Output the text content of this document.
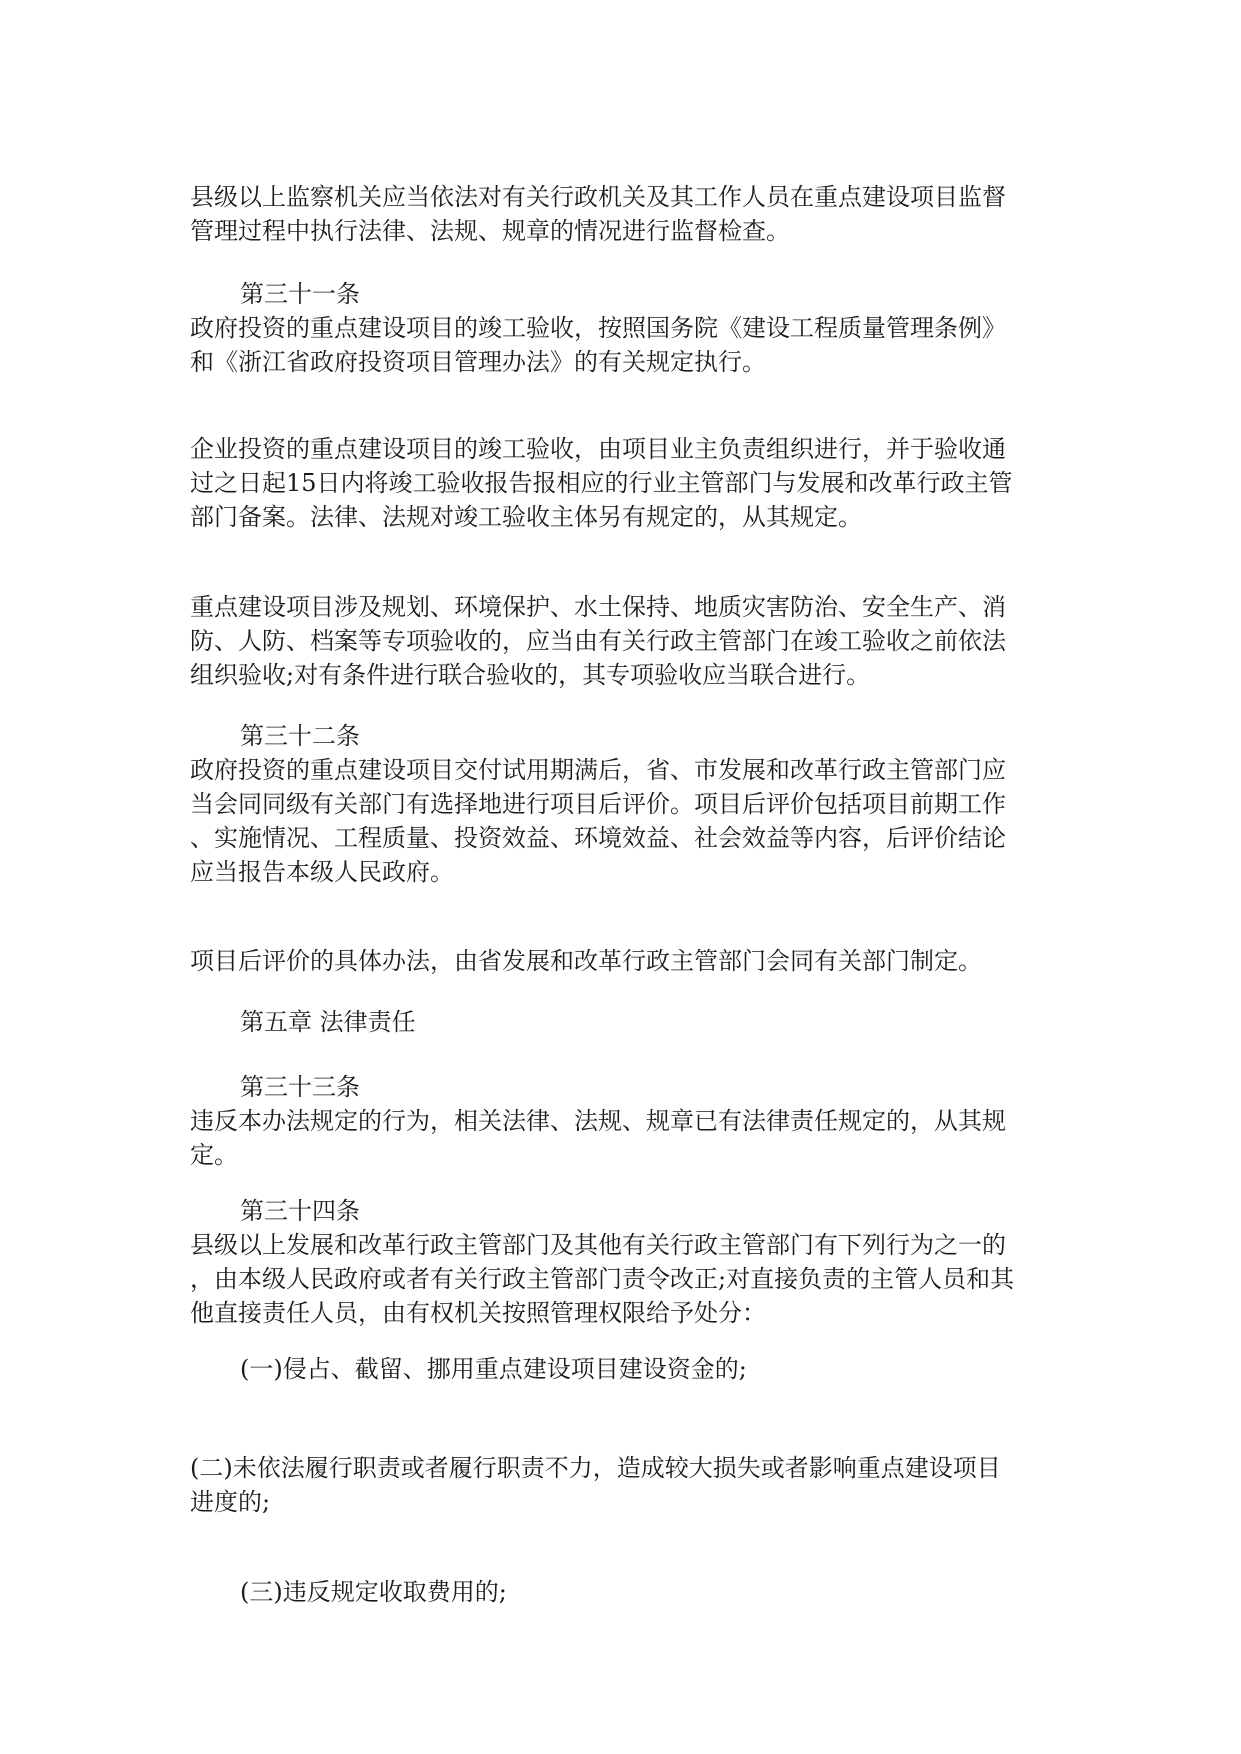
县级以上监察机关应当依法对有关行政机关及其工作人员在重点建设项目监督
管理过程中执行法律、法规、规章的情况进行监督检查。

第三十一条

政府投资的重点建设项目的竣工验收，按照国务院《建设工程质量管理条例》
和《浙江省政府投资项目管理办法》的有关规定执行。

企业投资的重点建设项目的竣工验收，由项目业主负责组织进行，并于验收通
过之日起15日内将竣工验收报告报相应的行业主管部门与发展和改革行政主管
部门备案。法律、法规对竣工验收主体另有规定的，从其规定。

重点建设项目涉及规划、环境保护、水土保持、地质灾害防治、安全生产、消
防、人防、档案等专项验收的，应当由有关行政主管部门在竣工验收之前依法
组织验收;对有条件进行联合验收的，其专项验收应当联合进行。

第三十二条

政府投资的重点建设项目交付试用期满后，省、市发展和改革行政主管部门应
当会同同级有关部门有选择地进行项目后评价。项目后评价包括项目前期工作
、实施情况、工程质量、投资效益、环境效益、社会效益等内容，后评价结论
应当报告本级人民政府。

项目后评价的具体办法，由省发展和改革行政主管部门会同有关部门制定。

第五章 法律责任

第三十三条

违反本办法规定的行为，相关法律、法规、规章已有法律责任规定的，从其规
定。

第三十四条

县级以上发展和改革行政主管部门及其他有关行政主管部门有下列行为之一的
，由本级人民政府或者有关行政主管部门责令改正;对直接负责的主管人员和其
他直接责任人员，由有权机关按照管理权限给予处分：

(一)侵占、截留、挪用重点建设项目建设资金的;

(二)未依法履行职责或者履行职责不力，造成较大损失或者影响重点建设项目
进度的;

(三)违反规定收取费用的;
